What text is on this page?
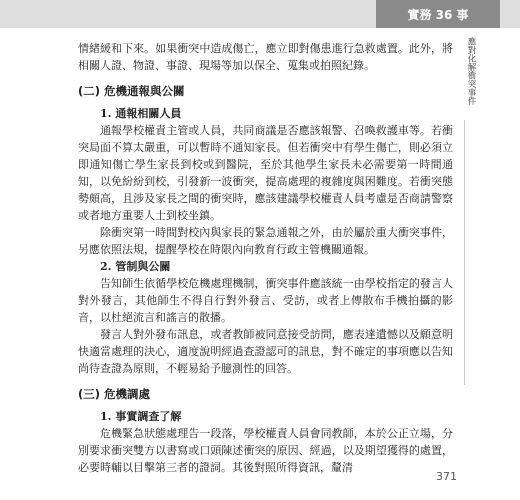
實務 36 事
應對化解衝突事件

情緒緩和下來。如果衝突中造成傷亡，應立即對傷患進行急救處置。此外，將相關人證、物證、事證、現場等加以保全、蒐集或拍照紀錄。

(二) 危機通報與公關
1. 通報相關人員

通報學校權責主管或人員，共同商議是否應該報警、召喚救護車等。若衝突局面不算太嚴重，可以暫時不通知家長。但若衝突中有學生傷亡，則必須立即通知傷亡學生家長到校或到醫院，至於其他學生家長未必需要第一時間通知，以免紛紛到校，引發新一波衝突，提高處理的複雜度與困難度。若衝突態勢頗高，且涉及家長之間的衝突時，應該建議學校權責人員考慮是否商請警察或者地方重要人士到校坐鎮。

除衝突第一時間對校內與家長的緊急通報之外，由於屬於重大衝突事件，另應依照法規，提醒學校在時限內向教育行政主管機關通報。

2. 管制與公關

告知師生依循學校危機處理機制，衝突事件應該統一由學校指定的發言人對外發言，其他師生不得自行對外發言、受訪，或者上傳散布手機拍攝的影音，以杜絕流言和謠言的散播。

發言人對外發布訊息，或者教師被同意接受訪問，應表達遺憾以及願意明快適當處理的決心，適度說明經過查證認可的訊息，對不確定的事項應以告知尚待查證為原則，不輕易給予臆測性的回答。

(三) 危機調處
1. 事實調查了解

危機緊急狀態處理告一段落，學校權責人員會同教師，本於公正立場，分別要求衝突雙方以書寫或口頭陳述衝突的原因、經過，以及期望獲得的處置，必要時輔以目擊第三者的證詞。其後對照所得資訊，釐清

371
